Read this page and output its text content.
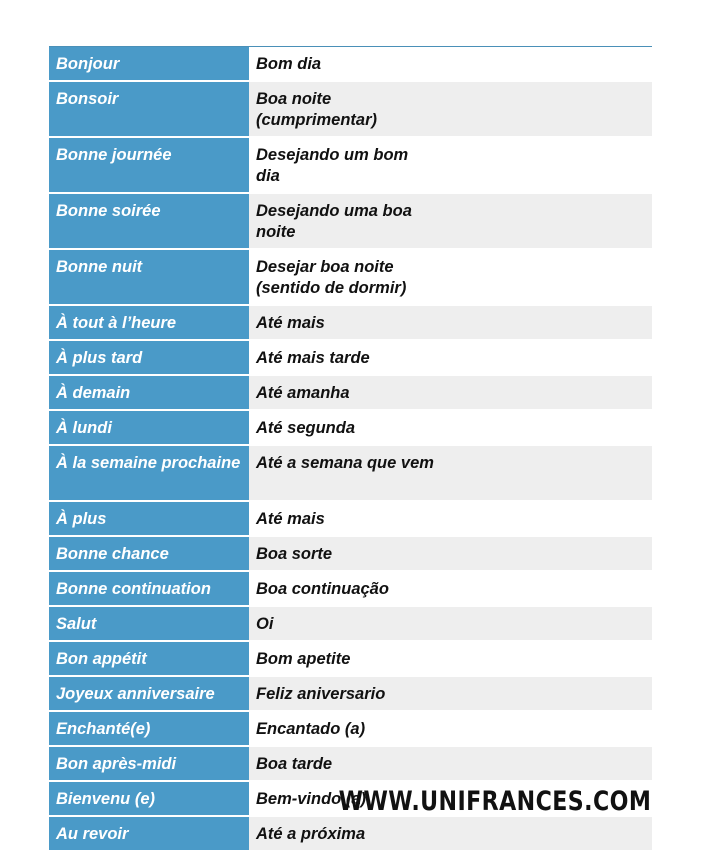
Bonjour	Bom dia
Bonsoir	Boa noite (cumprimentar)
Bonne journée	Desejando um bom dia
Bonne soirée	Desejando uma boa noite
Bonne nuit	Desejar boa noite (sentido de dormir)
À tout à l’heure	Até mais
À plus tard	Até mais tarde
À demain	Até amanha
À lundi	Até segunda
À la semaine prochaine	Até a semana que vem
À plus	Até mais
Bonne chance	Boa sorte
Bonne continuation	Boa continuação
Salut	Oi
Bon appétit	Bom apetite
Joyeux anniversaire	Feliz aniversario
Enchanté(e)	Encantado (a)
Bon après-midi	Boa tarde
Bienvenu (e)	Bem-vindo (a)
Au revoir	Até a próxima
WWW.UNIFRANCES.COM
